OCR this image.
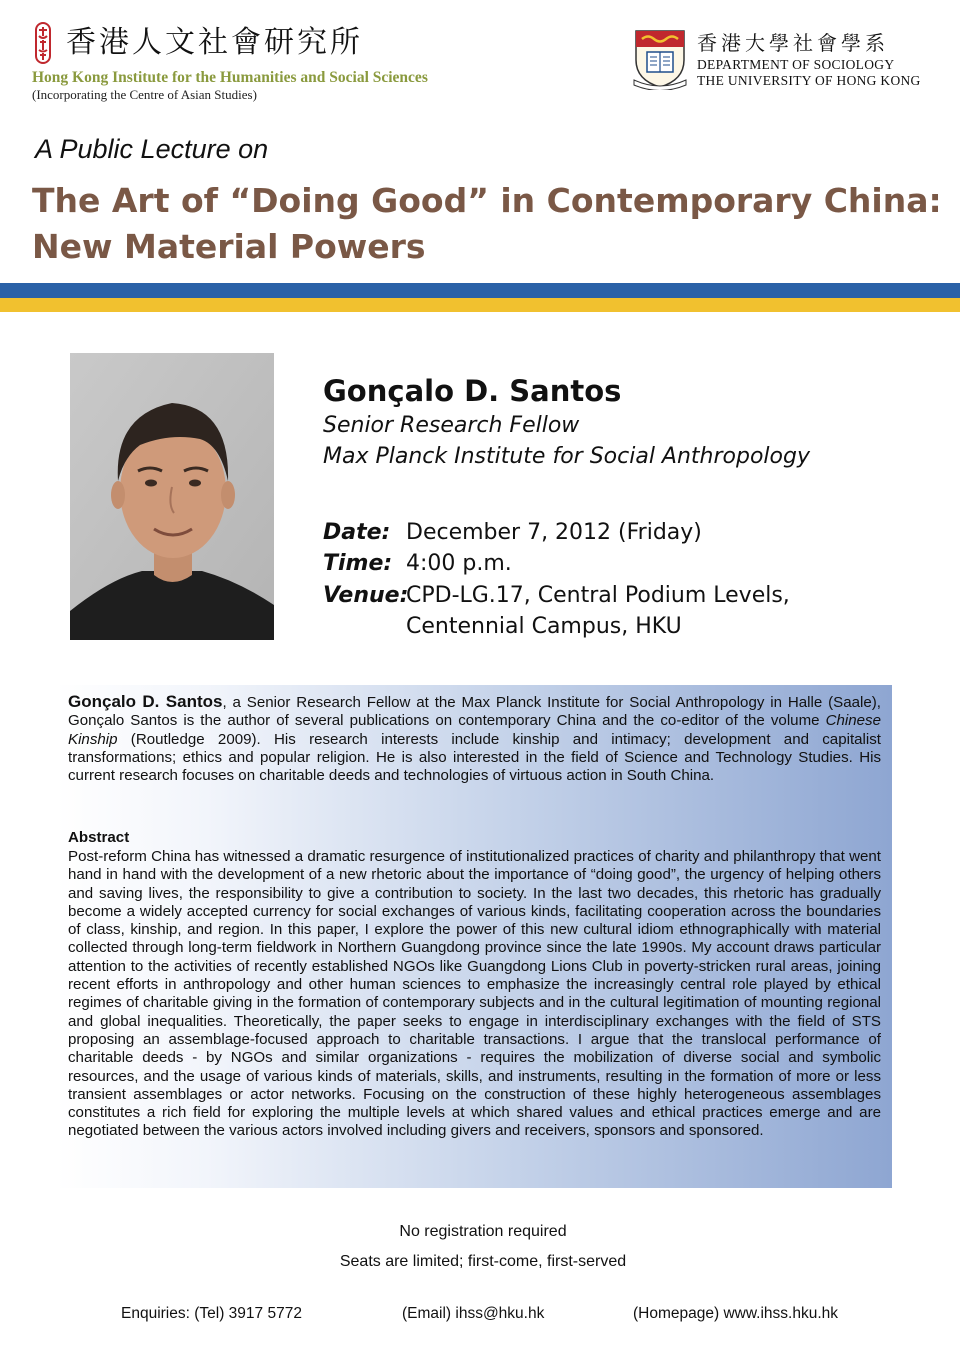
香港人文社會研究所
Hong Kong Institute for the Humanities and Social Sciences
(Incorporating the Centre of Asian Studies)
香港大學社會學系
DEPARTMENT OF SOCIOLOGY
THE UNIVERSITY OF HONG KONG
A Public Lecture on
The Art of “Doing Good” in Contemporary China:
New Material Powers
Gonçalo D. Santos
Senior Research Fellow
Max Planck Institute for Social Anthropology
Date: December 7, 2012 (Friday)
Time: 4:00 p.m.
Venue:
CPD-LG.17, Central Podium Levels,
Centennial Campus, HKU
Gonçalo D. Santos, a Senior Research Fellow at the Max Planck Institute for Social Anthropology in Halle (Saale), Gonçalo Santos is the author of several publications on contemporary China and the co-editor of the volume Chinese Kinship (Routledge 2009). His research interests include kinship and intimacy; development and capitalist transformations; ethics and popular religion. He is also interested in the field of Science and Technology Studies. His current research focuses on charitable deeds and technologies of virtuous action in South China.
Abstract
Post-reform China has witnessed a dramatic resurgence of institutionalized practices of charity and philanthropy that went hand in hand with the development of a new rhetoric about the importance of “doing good”, the urgency of helping others and saving lives, the responsibility to give a contribution to society. In the last two decades, this rhetoric has gradually become a widely accepted currency for social exchanges of various kinds, facilitating cooperation across the boundaries of class, kinship, and region. In this paper, I explore the power of this new cultural idiom ethnographically with material collected through long-term fieldwork in Northern Guangdong province since the late 1990s. My account draws particular attention to the activities of recently established NGOs like Guangdong Lions Club in poverty-stricken rural areas, joining recent efforts in anthropology and other human sciences to emphasize the increasingly central role played by ethical regimes of charitable giving in the formation of contemporary subjects and in the cultural legitimation of mounting regional and global inequalities. Theoretically, the paper seeks to engage in interdisciplinary exchanges with the field of STS proposing an assemblage-focused approach to charitable transactions. I argue that the translocal performance of charitable deeds - by NGOs and similar organizations - requires the mobilization of diverse social and symbolic resources, and the usage of various kinds of materials, skills, and instruments, resulting in the formation of more or less transient assemblages or actor networks. Focusing on the construction of these highly heterogeneous assemblages constitutes a rich field for exploring the multiple levels at which shared values and ethical practices emerge and are negotiated between the various actors involved including givers and receivers, sponsors and sponsored.
No registration required
Seats are limited; first-come, first-served
Enquiries: (Tel) 3917 5772	(Email) ihss@hku.hk	(Homepage) www.ihss.hku.hk
